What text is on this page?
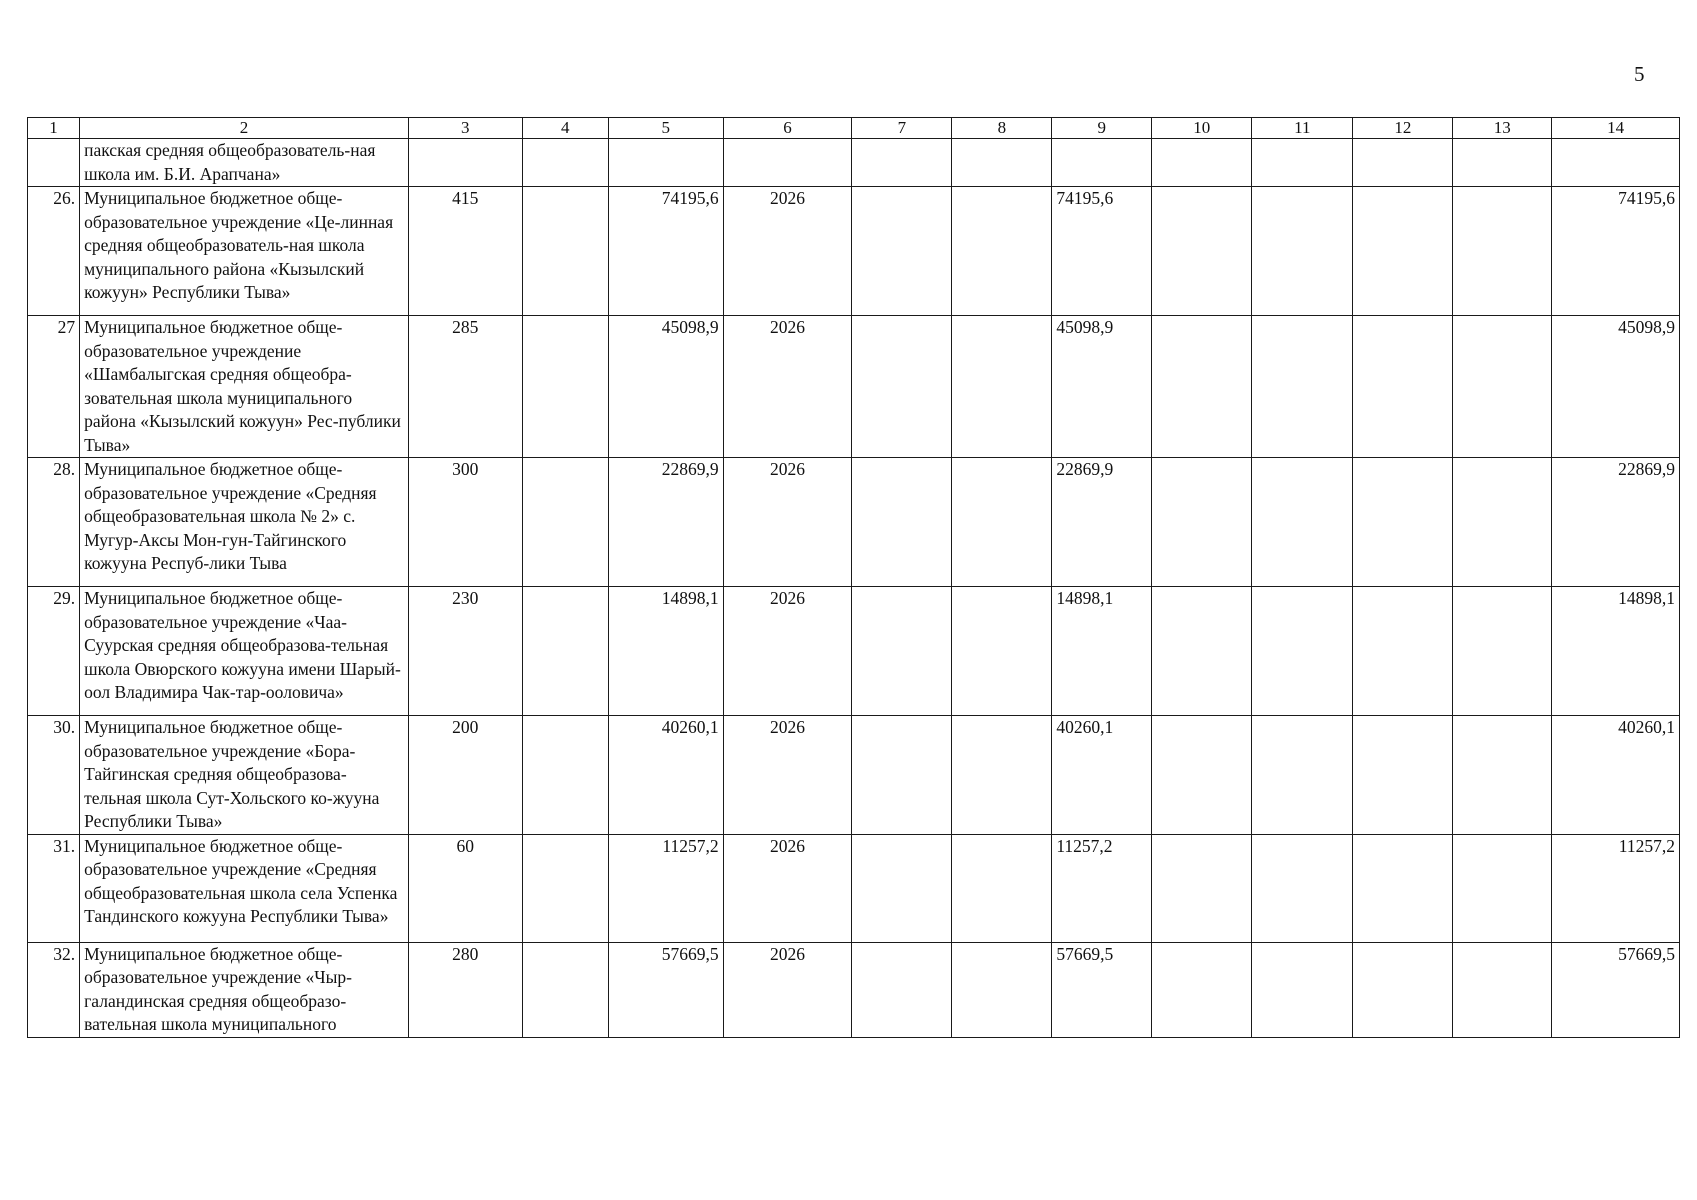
5
1	2	3	4	5	6	7	8	9	10	11	12	13	14
	пакская средняя общеобразователь-ная школа им. Б.И. Арапчана»												
26.	Муниципальное бюджетное обще-образовательное учреждение «Це-линная средняя общеобразователь-ная школа муниципального района «Кызылский кожуун» Республики Тыва»	415		74195,6	2026			74195,6					74195,6
27	Муниципальное бюджетное обще-образовательное учреждение «Шамбалыгская средняя общеобра-зовательная школа муниципального района «Кызылский кожуун» Рес-публики Тыва»	285		45098,9	2026			45098,9					45098,9
28.	Муниципальное бюджетное обще-образовательное учреждение «Средняя общеобразовательная школа № 2» с. Мугур-Аксы Мон-гун-Тайгинского кожууна Респуб-лики Тыва	300		22869,9	2026			22869,9					22869,9
29.	Муниципальное бюджетное обще-образовательное учреждение «Чаа-Суурская средняя общеобразова-тельная школа Овюрского кожууна имени Шарый-оол Владимира Чак-тар-ооловича»	230		14898,1	2026			14898,1					14898,1
30.	Муниципальное бюджетное обще-образовательное учреждение «Бора-Тайгинская средняя общеобразова-тельная школа Сут-Хольского ко-жууна Республики Тыва»	200		40260,1	2026			40260,1					40260,1
31.	Муниципальное бюджетное обще-образовательное учреждение «Средняя общеобразовательная школа села Успенка Тандинского кожууна Республики Тыва»	60		11257,2	2026			11257,2					11257,2
32.	Муниципальное бюджетное обще-образовательное учреждение «Чыр-галандинская средняя общеобразо-вательная школа муниципального	280		57669,5	2026			57669,5					57669,5
